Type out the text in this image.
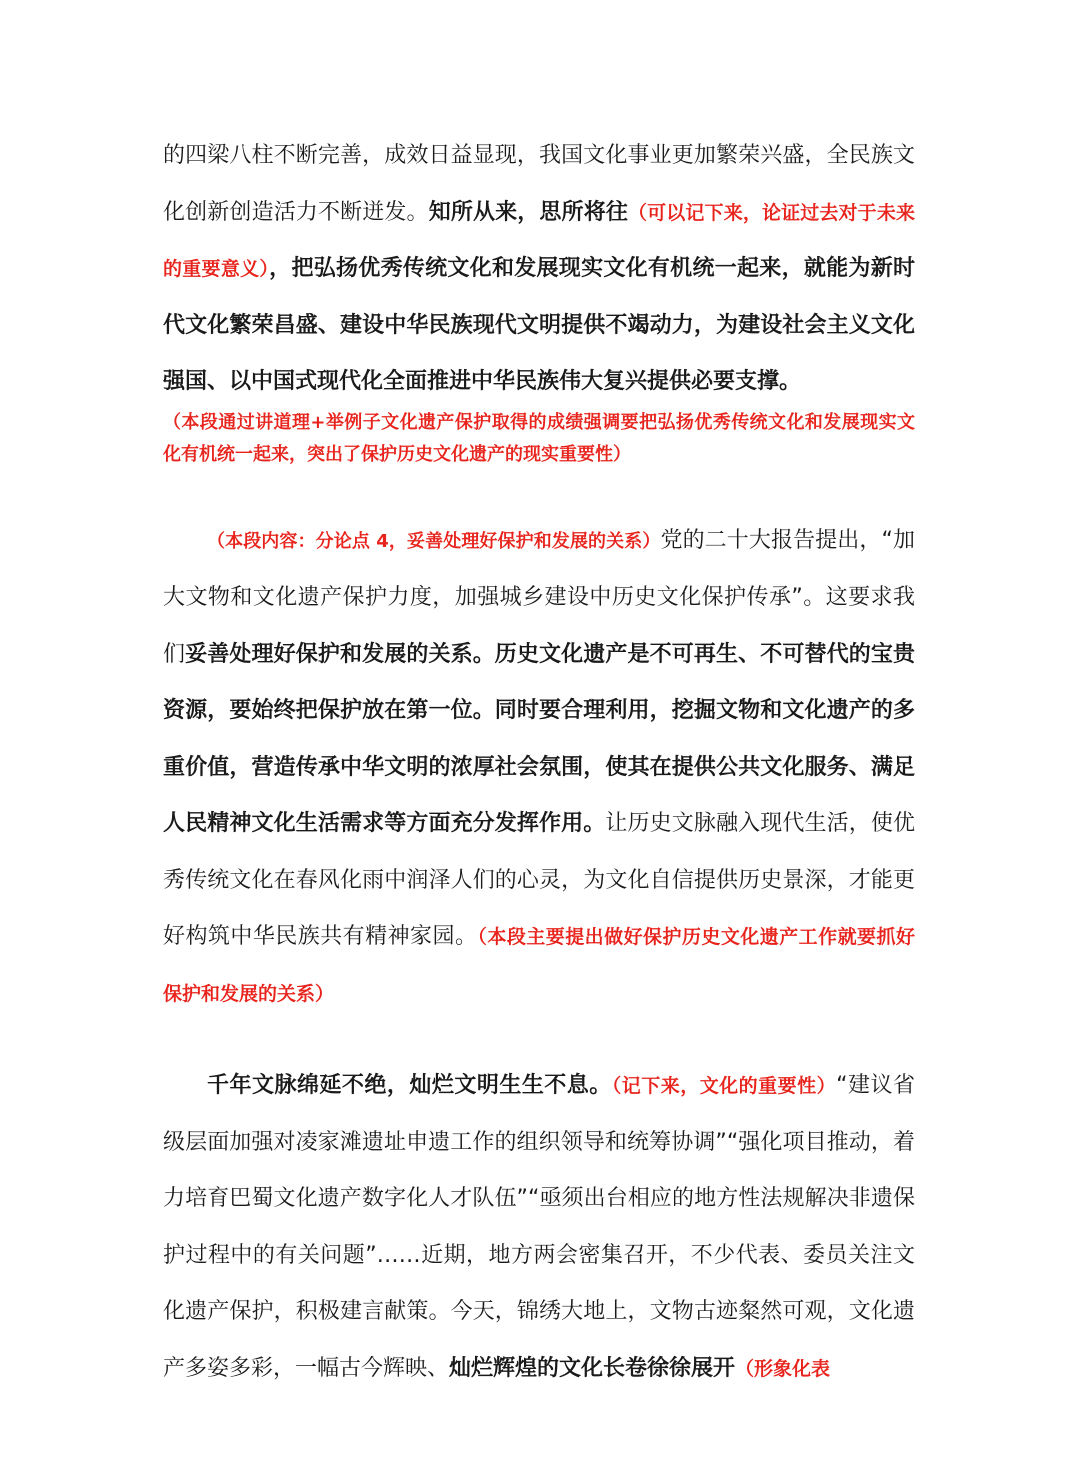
的四梁八柱不断完善，成效日益显现，我国文化事业更加繁荣兴盛，全民族文化创新创造活力不断迸发。知所从来，思所将往（可以记下来，论证过去对于未来的重要意义），把弘扬优秀传统文化和发展现实文化有机统一起来，就能为新时代文化繁荣昌盛、建设中华民族现代文明提供不竭动力，为建设社会主义文化强国、以中国式现代化全面推进中华民族伟大复兴提供必要支撑。

（本段通过讲道理+举例子文化遗产保护取得的成绩强调要把弘扬优秀传统文化和发展现实文化有机统一起来，突出了保护历史文化遗产的现实重要性）

（本段内容：分论点 4，妥善处理好保护和发展的关系）党的二十大报告提出，“加大文物和文化遗产保护力度，加强城乡建设中历史文化保护传承”。这要求我们妥善处理好保护和发展的关系。历史文化遗产是不可再生、不可替代的宝贵资源，要始终把保护放在第一位。同时要合理利用，挖掘文物和文化遗产的多重价值，营造传承中华文明的浓厚社会氛围，使其在提供公共文化服务、满足人民精神文化生活需求等方面充分发挥作用。让历史文脉融入现代生活，使优秀传统文化在春风化雨中润泽人们的心灵，为文化自信提供历史景深，才能更好构筑中华民族共有精神家园。（本段主要提出做好保护历史文化遗产工作就要抓好保护和发展的关系）

千年文脉绵延不绝，灿烂文明生生不息。（记下来，文化的重要性）“建议省级层面加强对凌家滩遗址申遗工作的组织领导和统筹协调”“强化项目推动，着力培育巴蜀文化遗产数字化人才队伍”“亟须出台相应的地方性法规解决非遗保护过程中的有关问题”……近期，地方两会密集召开，不少代表、委员关注文化遗产保护，积极建言献策。今天，锦绣大地上，文物古迹粲然可观，文化遗产多姿多彩，一幅古今辉映、灿烂辉煌的文化长卷徐徐展开（形象化表
